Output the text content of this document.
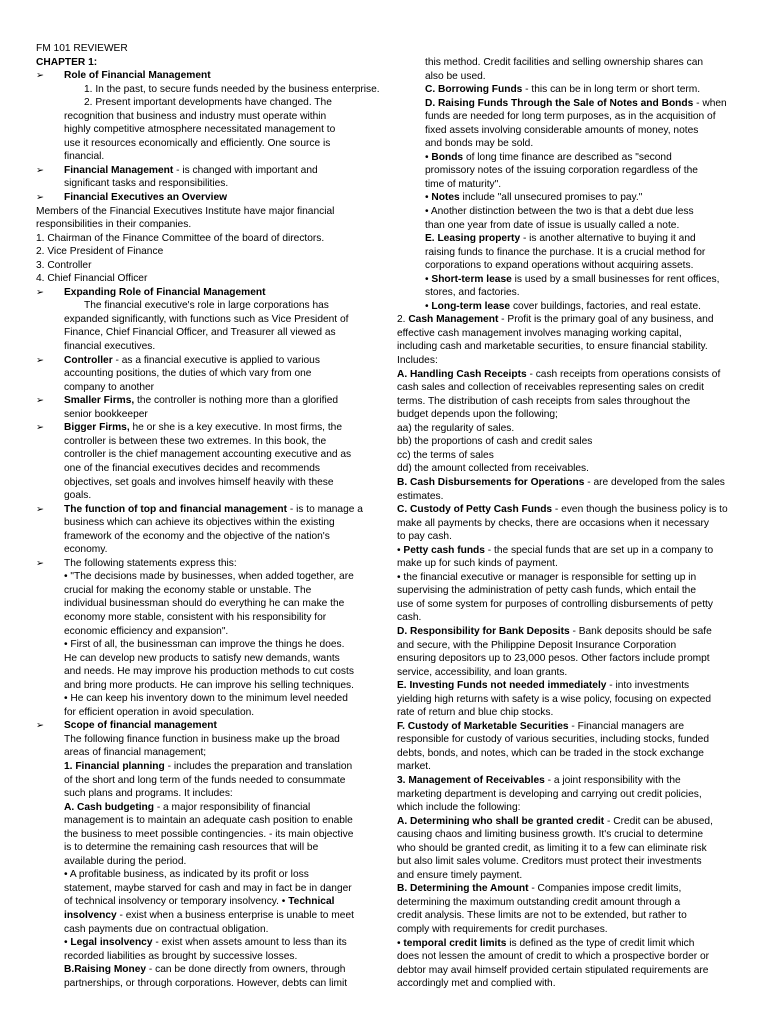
FM 101 REVIEWER
CHAPTER 1:
➢ Role of Financial Management
1. In the past, to secure funds needed by the business enterprise.
2. Present important developments have changed. The
recognition that business and industry must operate within
highly competitive atmosphere necessitated management to
use it resources economically and efficiently. One source is
financial.
➢ Financial Management - is changed with important and
significant tasks and responsibilities.
➢ Financial Executives an Overview
Members of the Financial Executives Institute have major financial
responsibilities in their companies.
1. Chairman of the Finance Committee of the board of directors.
2. Vice President of Finance
3. Controller
4. Chief Financial Officer
➢ Expanding Role of Financial Management
The financial executive's role in large corporations has
expanded significantly, with functions such as Vice President of
Finance, Chief Financial Officer, and Treasurer all viewed as
financial executives.
➢ Controller - as a financial executive is applied to various
accounting positions, the duties of which vary from one
company to another
➢ Smaller Firms, the controller is nothing more than a glorified
senior bookkeeper
➢ Bigger Firms, he or she is a key executive. In most firms, the
controller is between these two extremes. In this book, the
controller is the chief management accounting executive and as
one of the financial executives decides and recommends
objectives, set goals and involves himself heavily with these
goals.
➢ The function of top and financial management - is to manage a
business which can achieve its objectives within the existing
framework of the economy and the objective of the nation's
economy.
➢ The following statements express this:
• "The decisions made by businesses, when added together, are
crucial for making the economy stable or unstable. The
individual businessman should do everything he can make the
economy more stable, consistent with his responsibility for
economic efficiency and expansion".
• First of all, the businessman can improve the things he does.
He can develop new products to satisfy new demands, wants
and needs. He may improve his production methods to cut costs
and bring more products. He can improve his selling techniques.
• He can keep his inventory down to the minimum level needed
for efficient operation in avoid speculation.
➢ Scope of financial management
The following finance function in business make up the broad
areas of financial management;
1. Financial planning - includes the preparation and translation
of the short and long term of the funds needed to consummate
such plans and programs. It includes:
A. Cash budgeting - a major responsibility of financial
management is to maintain an adequate cash position to enable
the business to meet possible contingencies. - its main objective
is to determine the remaining cash resources that will be
available during the period.
• A profitable business, as indicated by its profit or loss
statement, maybe starved for cash and may in fact be in danger
of technical insolvency or temporary insolvency. • Technical
insolvency - exist when a business enterprise is unable to meet
cash payments due on contractual obligation.
• Legal insolvency - exist when assets amount to less than its
recorded liabilities as brought by successive losses.
B.Raising Money - can be done directly from owners, through
partnerships, or through corporations. However, debts can limit
this method. Credit facilities and selling ownership shares can
also be used.
C. Borrowing Funds - this can be in long term or short term.
D. Raising Funds Through the Sale of Notes and Bonds - when
funds are needed for long term purposes, as in the acquisition of
fixed assets involving considerable amounts of money, notes
and bonds may be sold.
• Bonds of long time finance are described as "second
promissory notes of the issuing corporation regardless of the
time of maturity".
• Notes include "all unsecured promises to pay."
• Another distinction between the two is that a debt due less
than one year from date of issue is usually called a note.
E. Leasing property - is another alternative to buying it and
raising funds to finance the purchase. It is a crucial method for
corporations to expand operations without acquiring assets.
• Short-term lease is used by a small businesses for rent offices,
stores, and factories.
• Long-term lease cover buildings, factories, and real estate.
2. Cash Management - Profit is the primary goal of any business, and
effective cash management involves managing working capital,
including cash and marketable securities, to ensure financial stability.
Includes:
A. Handling Cash Receipts - cash receipts from operations consists of
cash sales and collection of receivables representing sales on credit
terms. The distribution of cash receipts from sales throughout the
budget depends upon the following;
aa) the regularity of sales.
bb) the proportions of cash and credit sales
cc) the terms of sales
dd) the amount collected from receivables.
B. Cash Disbursements for Operations - are developed from the sales
estimates.
C. Custody of Petty Cash Funds - even though the business policy is to
make all payments by checks, there are occasions when it necessary
to pay cash.
• Petty cash funds - the special funds that are set up in a company to
make up for such kinds of payment.
• the financial executive or manager is responsible for setting up in
supervising the administration of petty cash funds, which entail the
use of some system for purposes of controlling disbursements of petty
cash.
D. Responsibility for Bank Deposits - Bank deposits should be safe
and secure, with the Philippine Deposit Insurance Corporation
ensuring depositors up to 23,000 pesos. Other factors include prompt
service, accessibility, and loan grants.
E. Investing Funds not needed immediately - into investments
yielding high returns with safety is a wise policy, focusing on expected
rate of return and blue chip stocks.
F. Custody of Marketable Securities - Financial managers are
responsible for custody of various securities, including stocks, funded
debts, bonds, and notes, which can be traded in the stock exchange
market.
3. Management of Receivables - a joint responsibility with the
marketing department is developing and carrying out credit policies,
which include the following:
A. Determining who shall be granted credit - Credit can be abused,
causing chaos and limiting business growth. It's crucial to determine
who should be granted credit, as limiting it to a few can eliminate risk
but also limit sales volume. Creditors must protect their investments
and ensure timely payment.
B. Determining the Amount - Companies impose credit limits,
determining the maximum outstanding credit amount through a
credit analysis. These limits are not to be extended, but rather to
comply with requirements for credit purchases.
• temporal credit limits is defined as the type of credit limit which
does not lessen the amount of credit to which a prospective border or
debtor may avail himself provided certain stipulated requirements are
accordingly met and complied with.
